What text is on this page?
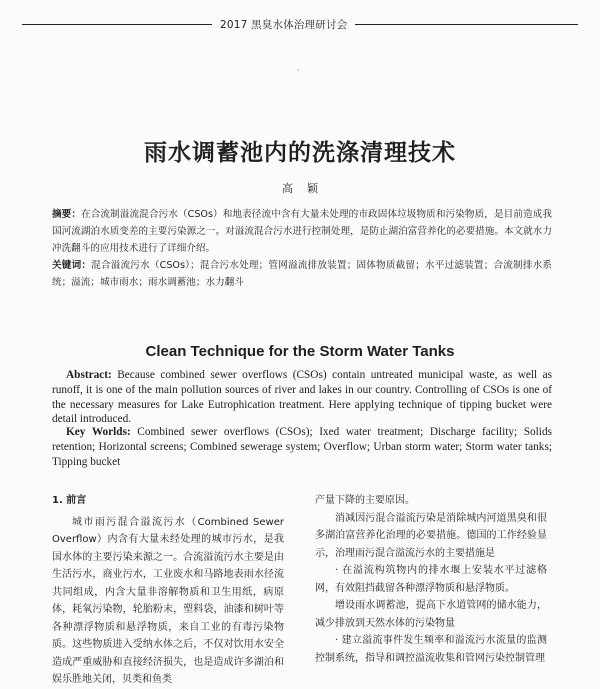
2017 黑臭水体治理研讨会
·
雨水调蓄池内的洗涤清理技术
高颖
摘要：在合流制溢流混合污水（CSOs）和地表径流中含有大量未处理的市政固体垃圾物质和污染物质，是目前造成我国河流湖泊水质变差的主要污染源之一。对溢流混合污水进行控制处理，是防止湖泊富营养化的必要措施。本文就水力冲洗翻斗的应用技术进行了详细介绍。
关键词：混合溢流污水（CSOs）；混合污水处理；管网溢流排放装置；固体物质截留；水平过滤装置；合流制排水系统；溢流；城市雨水；雨水调蓄池；水力翻斗
Clean Technique for the Storm Water Tanks
Abstract: Because combined sewer overflows (CSOs) contain untreated municipal waste, as well as runoff, it is one of the main pollution sources of river and lakes in our country. Controlling of CSOs is one of the necessary measures for Lake Eutrophication treatment. Here applying technique of tipping bucket were detail introduced.
Key Worlds: Combined sewer overflows (CSOs); Ixed water treatment; Discharge facility; Solids retention; Horizontal screens; Combined sewerage system; Overflow; Urban storm water; Storm water tanks; Tipping bucket
1. 前言

城市雨污混合溢流污水（Combined Sewer Overflow）内含有大量未经处理的城市污水，是我国水体的主要污染来源之一。合流溢流污水主要是由生活污水，商业污水，工业废水和马路地表雨水径流共同组成，内含大量非溶解物质和卫生用纸，病原体，耗氧污染物，轮胎粉末，塑料袋，油漆和树叶等各种漂浮物质和悬浮物质，来自工业的有毒污染物质。这些物质进入受纳水体之后，不仅对饮用水安全造成严重威胁和直接经济损失，也是造成许多湖泊和娱乐胜地关闭，贝类和鱼类

产量下降的主要原因。

消减因污混合溢流污染是消除城内河道黑臭和很多湖泊富营养化治理的必要措施。德国的工作经验显示，治理雨污混合溢流污水的主要措施是

· 在溢流构筑物内的排水堰上安装水平过滤格网，有效阻挡截留各种漂浮物质和悬浮物质。

增设雨水调蓄池，提高下水道管网的储水能力，减少排放到天然水体的污染物量

· 建立溢流事件发生频率和溢流污水流量的监测控制系统，指导和调控溢流收集和管网污染控制管理
